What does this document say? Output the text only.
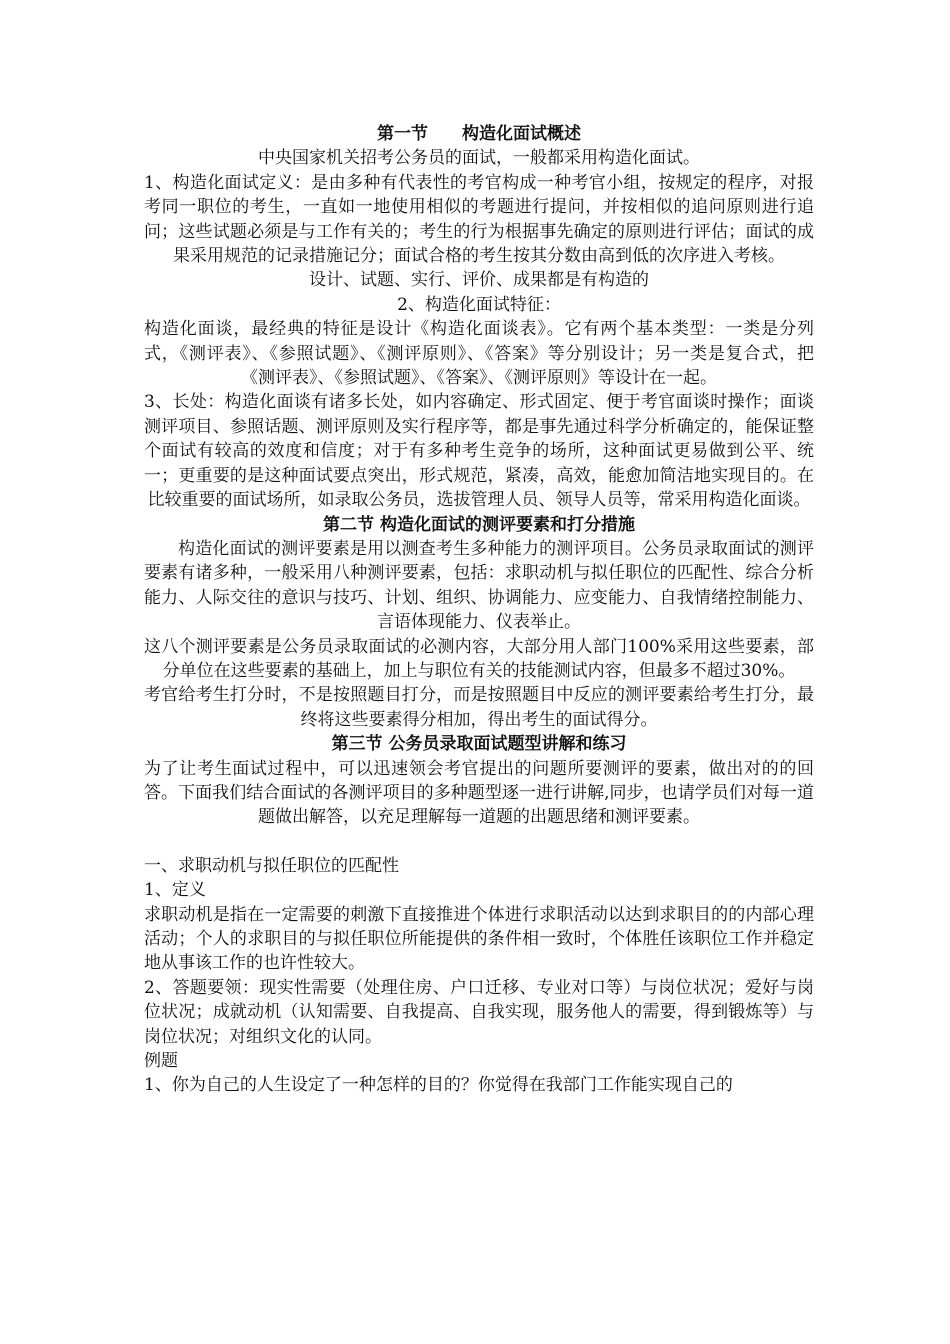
第一节　　构造化面试概述

中央国家机关招考公务员的面试，一般都采用构造化面试。

1、构造化面试定义：是由多种有代表性的考官构成一种考官小组，按规定的程序，对报考同一职位的考生，一直如一地使用相似的考题进行提问，并按相似的追问原则进行追问；这些试题必须是与工作有关的；考生的行为根据事先确定的原则进行评估；面试的成果采用规范的记录措施记分；面试合格的考生按其分数由高到低的次序进入考核。

设计、试题、实行、评价、成果都是有构造的

2、构造化面试特征：

构造化面谈，最经典的特征是设计《构造化面谈表》。它有两个基本类型：一类是分列式，《测评表》、《参照试题》、《测评原则》、《答案》等分别设计；另一类是复合式，把《测评表》、《参照试题》、《答案》、《测评原则》等设计在一起。

3、长处：构造化面谈有诸多长处，如内容确定、形式固定、便于考官面谈时操作；面谈测评项目、参照话题、测评原则及实行程序等，都是事先通过科学分析确定的，能保证整个面试有较高的效度和信度；对于有多种考生竞争的场所，这种面试更易做到公平、统一；更重要的是这种面试要点突出，形式规范，紧凑，高效，能愈加简洁地实现目的。在比较重要的面试场所，如录取公务员，选拔管理人员、领导人员等，常采用构造化面谈。

第二节 构造化面试的测评要素和打分措施

构造化面试的测评要素是用以测查考生多种能力的测评项目。公务员录取面试的测评要素有诸多种，一般采用八种测评要素，包括：求职动机与拟任职位的匹配性、综合分析能力、人际交往的意识与技巧、计划、组织、协调能力、应变能力、自我情绪控制能力、言语体现能力、仪表举止。

这八个测评要素是公务员录取面试的必测内容，大部分用人部门100%采用这些要素，部分单位在这些要素的基础上，加上与职位有关的技能测试内容，但最多不超过30%。

考官给考生打分时，不是按照题目打分，而是按照题目中反应的测评要素给考生打分，最终将这些要素得分相加，得出考生的面试得分。

第三节 公务员录取面试题型讲解和练习

为了让考生面试过程中，可以迅速领会考官提出的问题所要测评的要素，做出对的的回答。下面我们结合面试的各测评项目的多种题型逐一进行讲解,同步，也请学员们对每一道题做出解答，以充足理解每一道题的出题思绪和测评要素。

一、求职动机与拟任职位的匹配性

1、定义

求职动机是指在一定需要的刺激下直接推进个体进行求职活动以达到求职目的的内部心理活动；个人的求职目的与拟任职位所能提供的条件相一致时，个体胜任该职位工作并稳定地从事该工作的也许性较大。

2、答题要领：现实性需要（处理住房、户口迁移、专业对口等）与岗位状况；爱好与岗位状况；成就动机（认知需要、自我提高、自我实现，服务他人的需要，得到锻炼等）与岗位状况；对组织文化的认同。

例题

1、你为自己的人生设定了一种怎样的目的？你觉得在我部门工作能实现自己的
